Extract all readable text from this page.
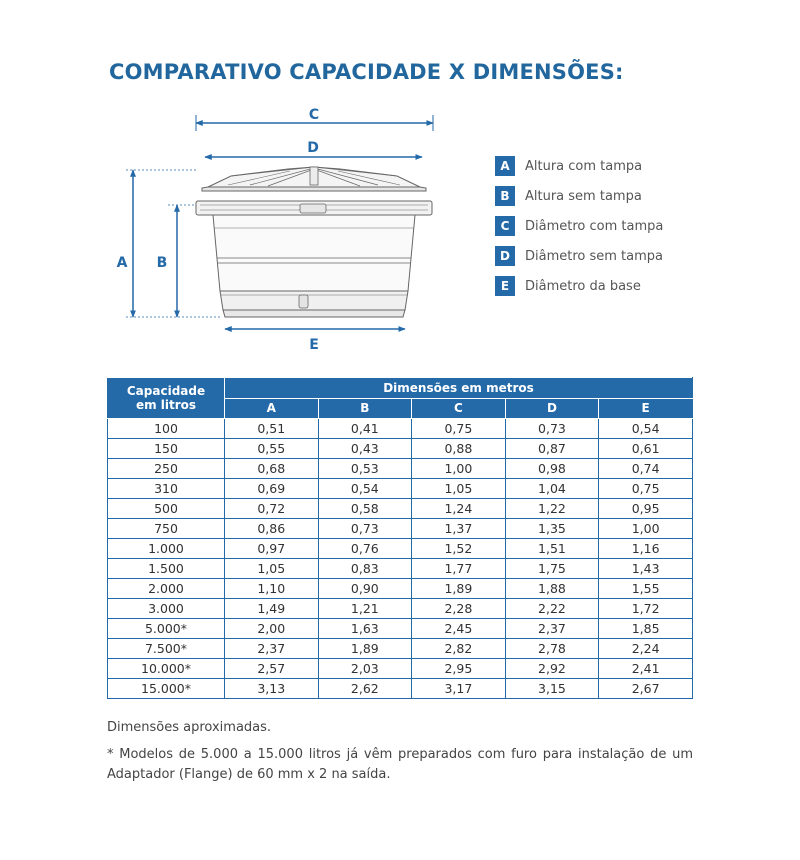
COMPARATIVO CAPACIDADE X DIMENSÕES:
C
D
A B
E
A	Altura com tampa
B	Altura sem tampa
C	Diâmetro com tampa
D	Diâmetro sem tampa
E	Diâmetro da base
Capacidade
em litros	Dimensões em metros				
	A	B	C	D	E
100	0,51	0,41	0,75	0,73	0,54
150	0,55	0,43	0,88	0,87	0,61
250	0,68	0,53	1,00	0,98	0,74
310	0,69	0,54	1,05	1,04	0,75
500	0,72	0,58	1,24	1,22	0,95
750	0,86	0,73	1,37	1,35	1,00
1.000	0,97	0,76	1,52	1,51	1,16
1.500	1,05	0,83	1,77	1,75	1,43
2.000	1,10	0,90	1,89	1,88	1,55
3.000	1,49	1,21	2,28	2,22	1,72
5.000*	2,00	1,63	2,45	2,37	1,85
7.500*	2,37	1,89	2,82	2,78	2,24
10.000*	2,57	2,03	2,95	2,92	2,41
15.000*	3,13	2,62	3,17	3,15	2,67

Dimensões aproximadas.

* Modelos de 5.000 a 15.000 litros já vêm preparados com furo para instalação de um Adaptador (Flange) de 60 mm x 2 na saída.
